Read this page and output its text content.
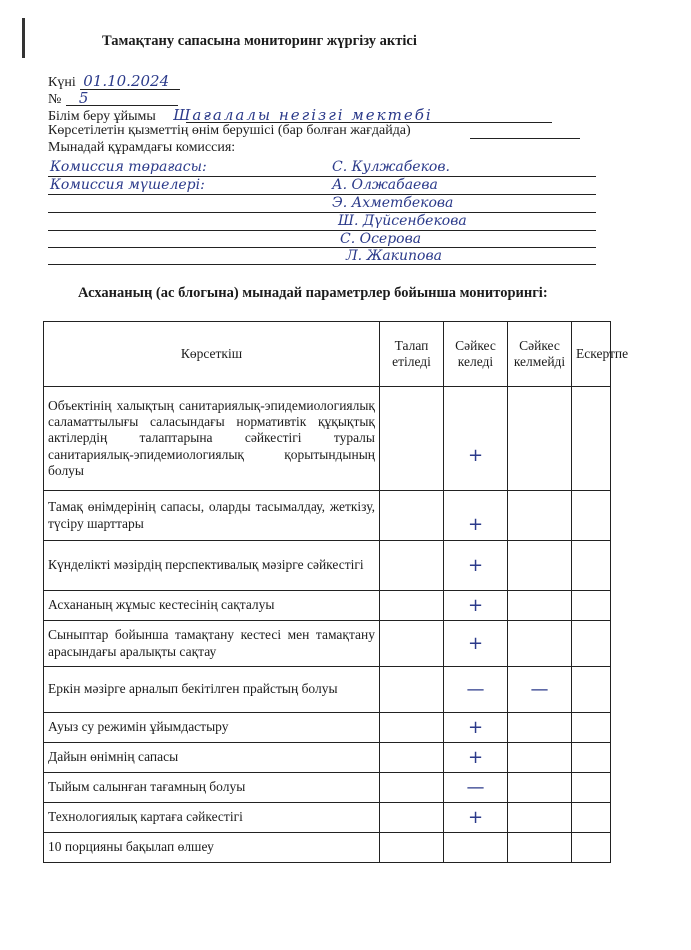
Тамақтану сапасына мониторинг жүргізу актісі
Күні 01.10.2024
№ 5
Білім беру ұйымы Шағалалы негізгі мектебі
Көрсетілетін қызметтің өнім берушісі (бар болған жағдайда)
Мынадай құрамдағы комиссия:
Комиссия төрағасы:	С. Кулжабеков.
Комиссия мүшелері:	А. Олжабаева
Э. Ахметбекова
Ш. Дүйсенбекова
С. Осерова
Л. Жакипова
Асхананың (ас блогына) мынадай параметрлер бойынша мониторингі:
Көрсеткіш	Талап етіледі	Сәйкес келеді	Сәйкес келмейді	Ескертпе
Объектінің халықтың санитариялық-эпидемиологиялық саламаттылығы саласындағы нормативтік құқықтық актілердің талаптарына сәйкестігі туралы санитариялық-эпидемиологиялық қорытындының болуы		+		
Тамақ өнімдерінің сапасы, оларды тасымалдау, жеткізу, түсіру шарттары		+		
Күнделікті мәзірдің перспективалық мәзірге сәйкестігі		+		
Асхананың жұмыс кестесінің сақталуы		+		
Сыныптар бойынша тамақтану кестесі мен тамақтану арасындағы аралықты сақтау		+		
Еркін мәзірге арналып бекітілген прайстың болуы		—	—	
Ауыз су режимін ұйымдастыру		+		
Дайын өнімнің сапасы		+		
Тыйым салынған тағамның болуы		—		
Технологиялық картаға сәйкестігі		+		
10 порцияны бақылап өлшеу				
